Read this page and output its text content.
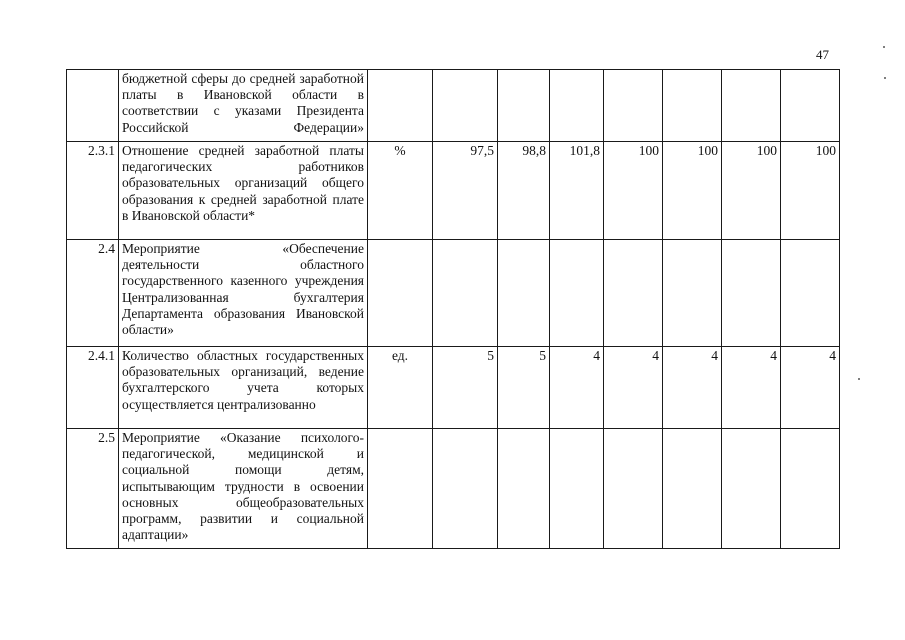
47
	бюджетной сферы до средней заработной платы в Ивановской области в соответствии с указами Президента Российской Федерации»								
2.3.1	Отношение средней заработной платы педагогических работников образовательных организаций общего образования к средней заработной плате в Ивановской области*	%	97,5	98,8	101,8	100	100	100	100
2.4	Мероприятие «Обеспечение деятельности областного государственного казенного учреждения Централизованная бухгалтерия Департамента образования Ивановской области»								
2.4.1	Количество областных государственных образовательных организаций, ведение бухгалтерского учета которых осуществляется централизованно	ед.	5	5	4	4	4	4	4
2.5	Мероприятие «Оказание психолого-педагогической, медицинской и социальной помощи детям, испытывающим трудности в освоении основных общеобразовательных программ, развитии и социальной адаптации»								
